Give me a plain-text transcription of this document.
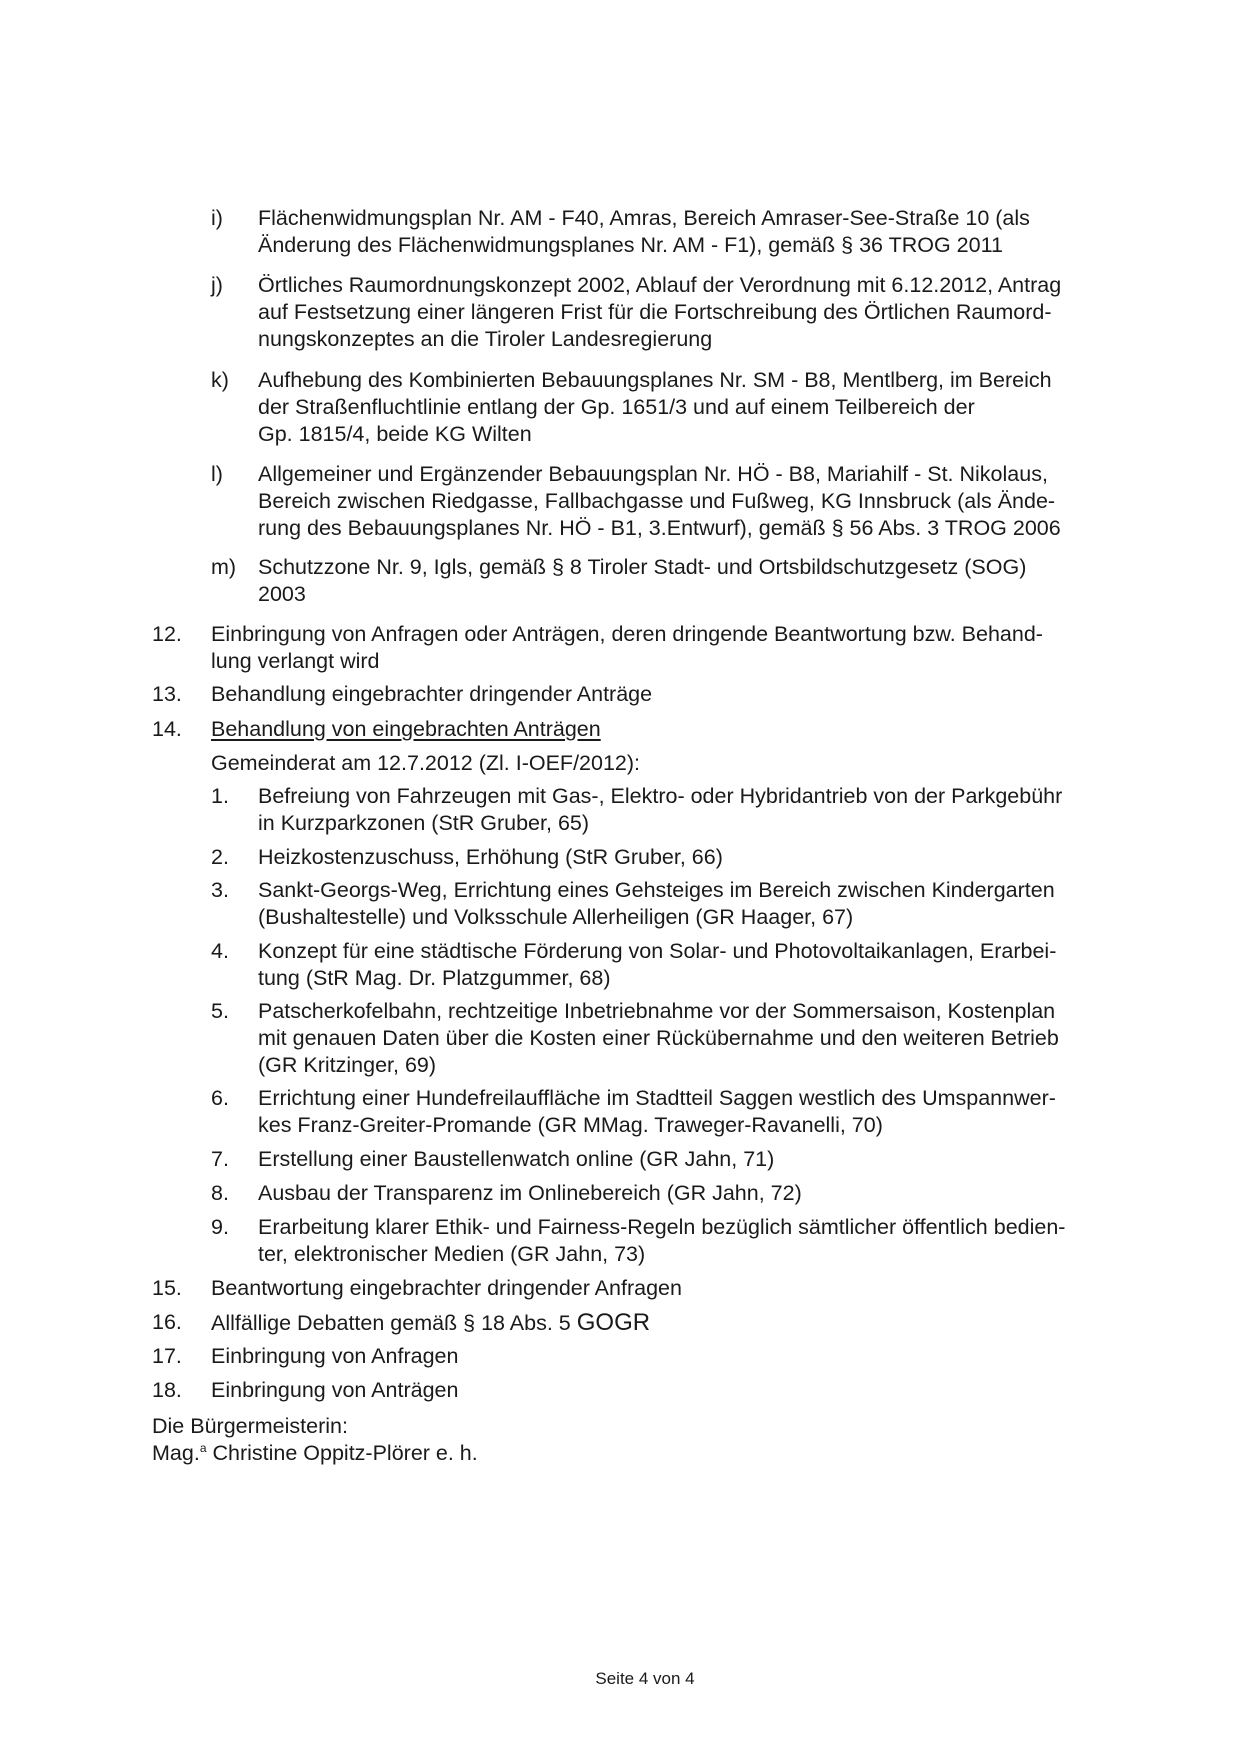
i) Flächenwidmungsplan Nr. AM - F40, Amras, Bereich Amraser-See-Straße 10 (als
Änderung des Flächenwidmungsplanes Nr. AM - F1), gemäß § 36 TROG 2011
j) Örtliches Raumordnungskonzept 2002, Ablauf der Verordnung mit 6.12.2012, Antrag
auf Festsetzung einer längeren Frist für die Fortschreibung des Örtlichen Raumord-
nungskonzeptes an die Tiroler Landesregierung
k) Aufhebung des Kombinierten Bebauungsplanes Nr. SM - B8, Mentlberg, im Bereich
der Straßenfluchtlinie entlang der Gp. 1651/3 und auf einem Teilbereich der
Gp. 1815/4, beide KG Wilten
l) Allgemeiner und Ergänzender Bebauungsplan Nr. HÖ - B8, Mariahilf - St. Nikolaus,
Bereich zwischen Riedgasse, Fallbachgasse und Fußweg, KG Innsbruck (als Ände-
rung des Bebauungsplanes Nr. HÖ - B1, 3.Entwurf), gemäß § 56 Abs. 3 TROG 2006
m) Schutzzone Nr. 9, Igls, gemäß § 8 Tiroler Stadt- und Ortsbildschutzgesetz (SOG)
2003
12. Einbringung von Anfragen oder Anträgen, deren dringende Beantwortung bzw. Behand-
lung verlangt wird
13. Behandlung eingebrachter dringender Anträge
14. Behandlung von eingebrachten Anträgen
Gemeinderat am 12.7.2012 (Zl. I-OEF/2012):
1. Befreiung von Fahrzeugen mit Gas-, Elektro- oder Hybridantrieb von der Parkgebühr
in Kurzparkzonen (StR Gruber, 65)
2. Heizkostenzuschuss, Erhöhung (StR Gruber, 66)
3. Sankt-Georgs-Weg, Errichtung eines Gehsteiges im Bereich zwischen Kindergarten
(Bushaltestelle) und Volksschule Allerheiligen (GR Haager, 67)
4. Konzept für eine städtische Förderung von Solar- und Photovoltaikanlagen, Erarbei-
tung (StR Mag. Dr. Platzgummer, 68)
5. Patscherkofelbahn, rechtzeitige Inbetriebnahme vor der Sommersaison, Kostenplan
mit genauen Daten über die Kosten einer Rückübernahme und den weiteren Betrieb
(GR Kritzinger, 69)
6. Errichtung einer Hundefreilauffläche im Stadtteil Saggen westlich des Umspannwer-
kes Franz-Greiter-Promande (GR MMag. Traweger-Ravanelli, 70)
7. Erstellung einer Baustellenwatch online (GR Jahn, 71)
8. Ausbau der Transparenz im Onlinebereich (GR Jahn, 72)
9. Erarbeitung klarer Ethik- und Fairness-Regeln bezüglich sämtlicher öffentlich bedien-
ter, elektronischer Medien (GR Jahn, 73)
15. Beantwortung eingebrachter dringender Anfragen
16. Allfällige Debatten gemäß § 18 Abs. 5 GOGR
17. Einbringung von Anfragen
18. Einbringung von Anträgen
Die Bürgermeisterin:
Mag.$^a$ Christine Oppitz-Plörer e. h.
Seite 4 von 4
